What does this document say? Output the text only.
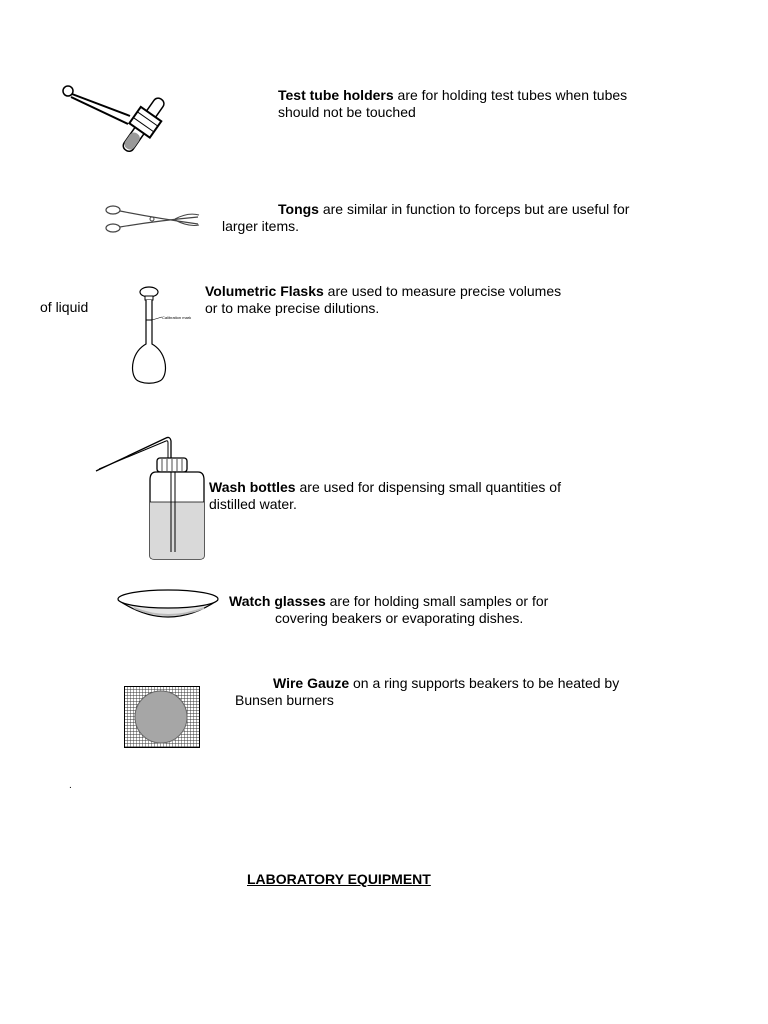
Test tube holders are for holding test tubes when tubes
should not be touched
Tongs are similar in function to forceps but are useful for
larger items.
Calibration mark
of liquid
Volumetric Flasks are used to measure precise volumes
or to make precise dilutions.
Wash bottles are used for dispensing small quantities of
distilled water.
Watch glasses are for holding small samples or for
covering beakers or evaporating dishes.
Wire Gauze on a ring supports beakers to be heated by
Bunsen burners
.
LABORATORY EQUIPMENT
